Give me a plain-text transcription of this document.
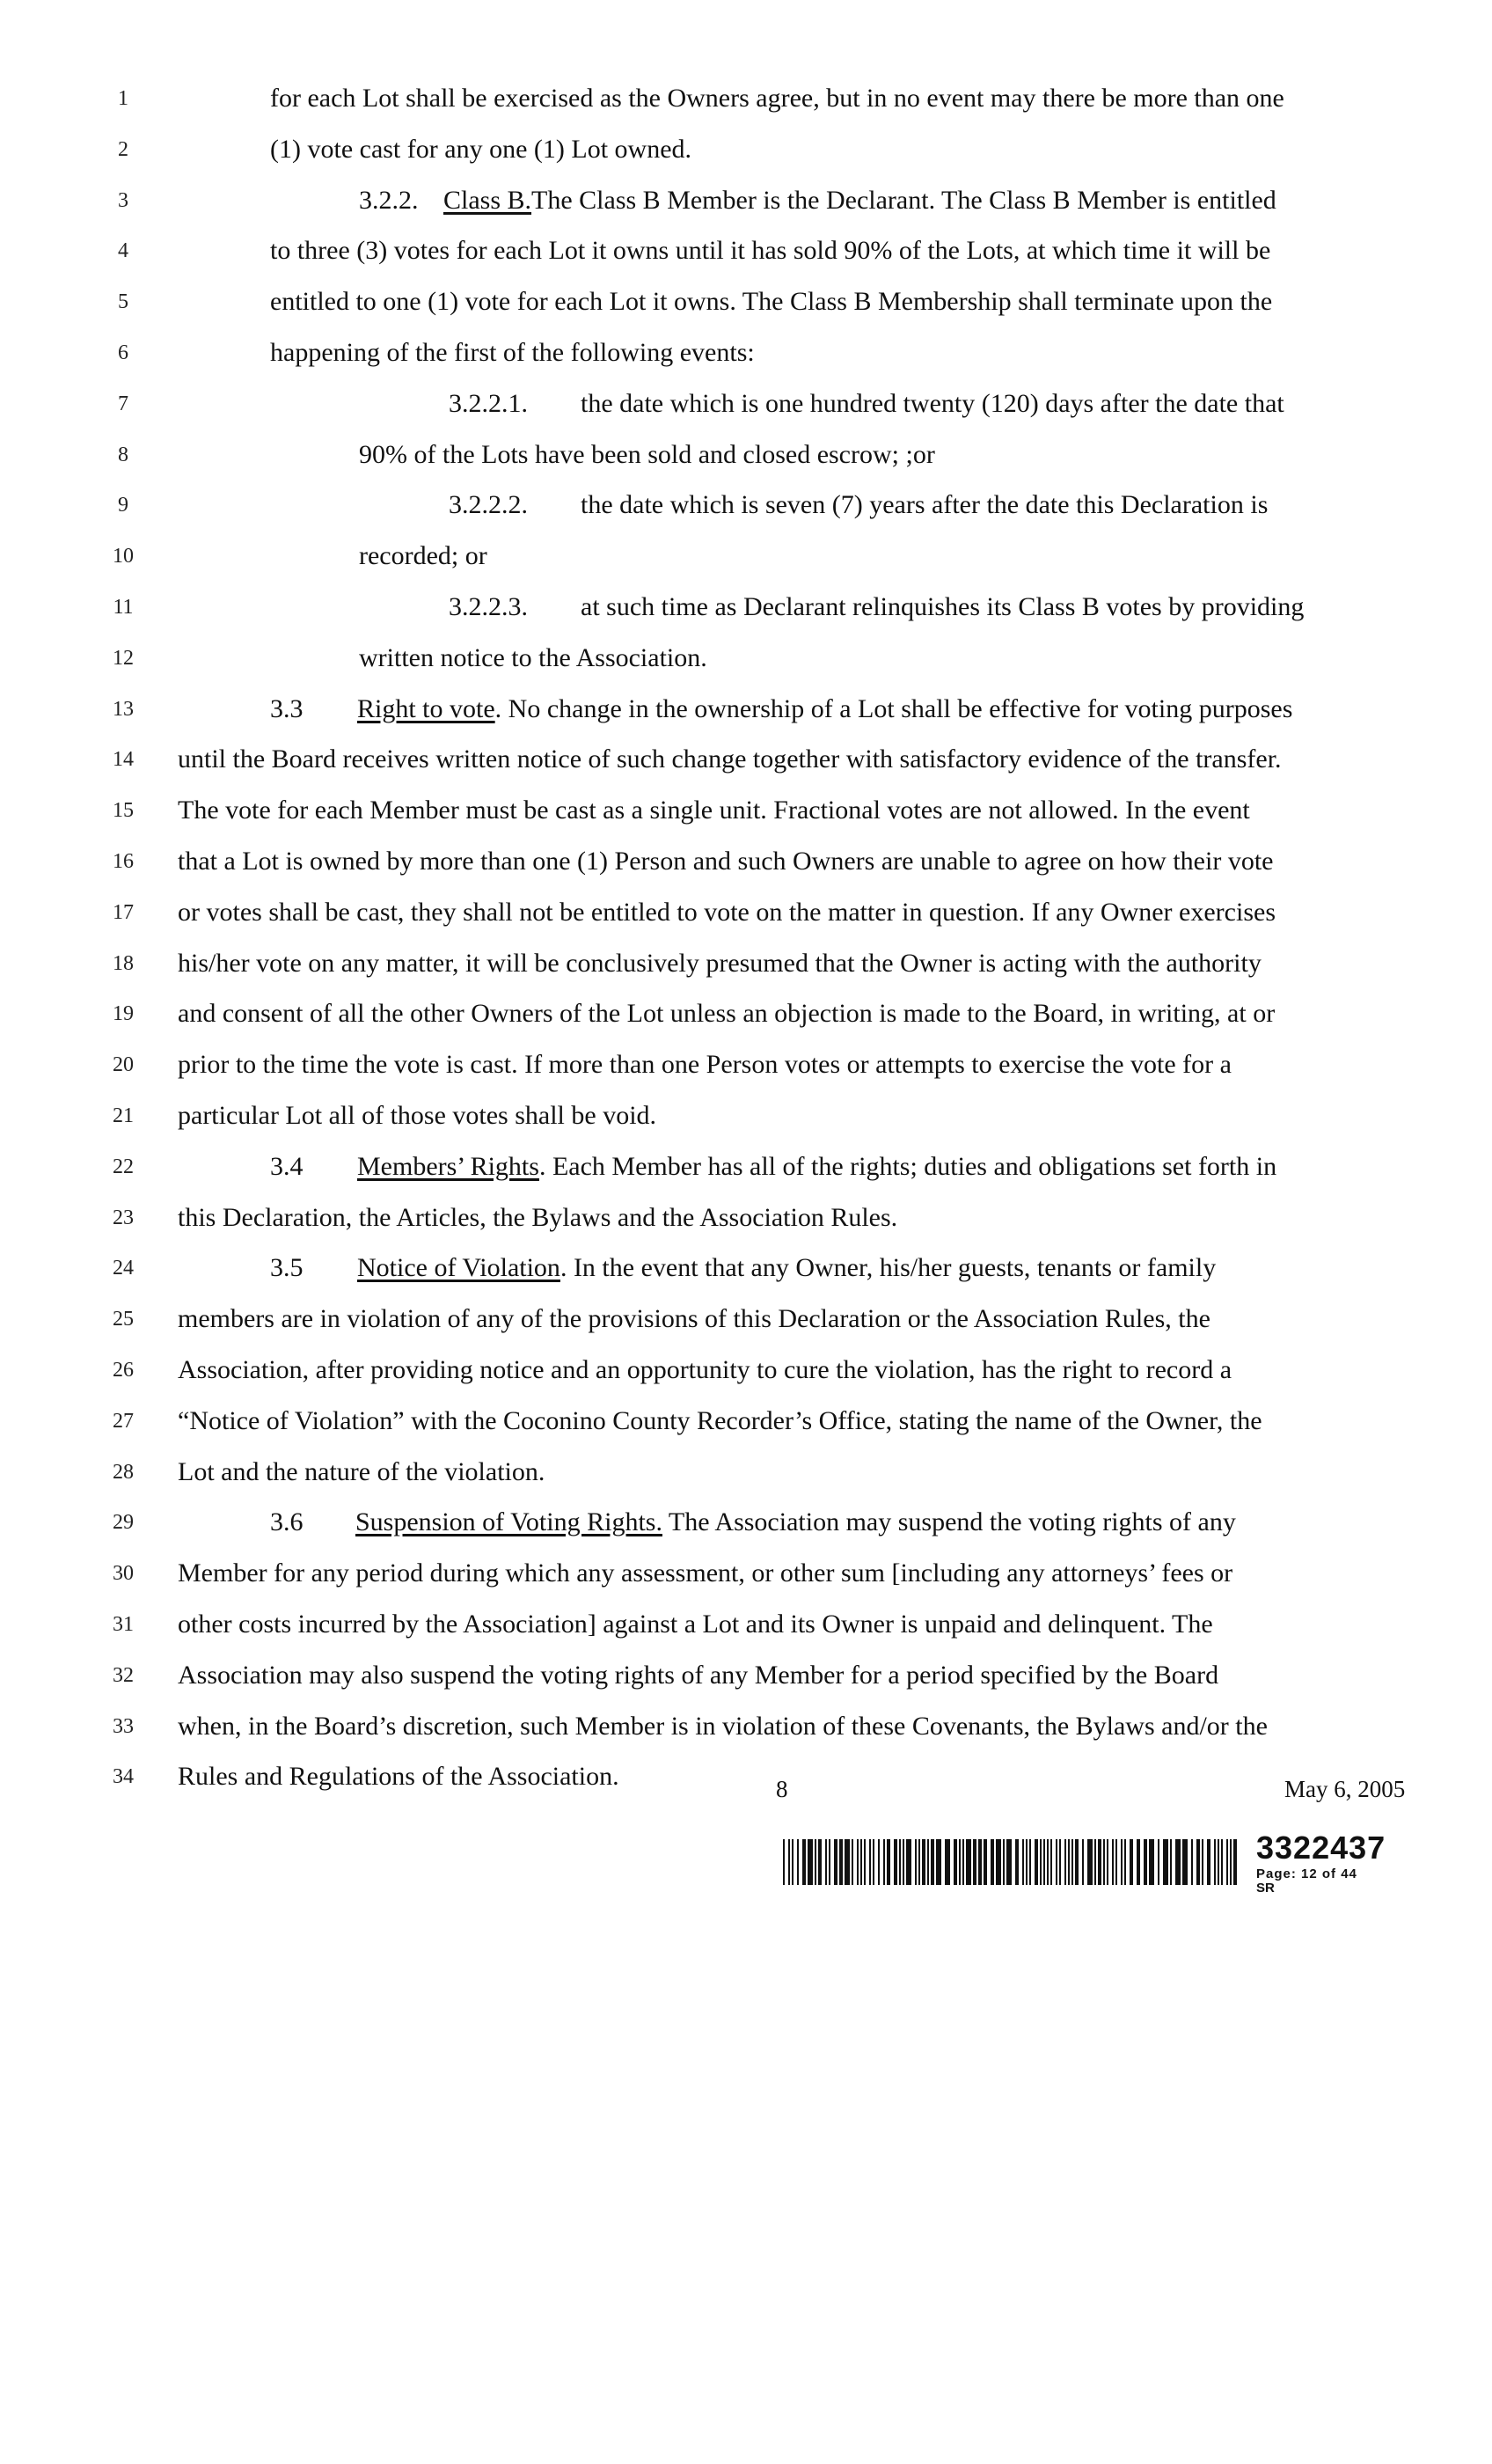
1
2
3
4
5
6
7
8
9
10
11
12
13
14
15
16
17
18
19
20
21
22
23
24
25
26
27
28
29
30
31
32
33
34
for each Lot shall be exercised as the Owners agree, but in no event may there be more than one
(1) vote cast for any one (1) Lot owned.
3.2.2. Class B.The Class B Member is the Declarant. The Class B Member is entitled
to three (3) votes for each Lot it owns until it has sold 90% of the Lots, at which time it will be
entitled to one (1) vote for each Lot it owns. The Class B Membership shall terminate upon the
happening of the first of the following events:
3.2.2.1. the date which is one hundred twenty (120) days after the date that
90% of the Lots have been sold and closed escrow; ;or
3.2.2.2. the date which is seven (7) years after the date this Declaration is
recorded; or
3.2.2.3. at such time as Declarant relinquishes its Class B votes by providing
written notice to the Association.
3.3 Right to vote. No change in the ownership of a Lot shall be effective for voting purposes
until the Board receives written notice of such change together with satisfactory evidence of the transfer.
The vote for each Member must be cast as a single unit. Fractional votes are not allowed. In the event
that a Lot is owned by more than one (1) Person and such Owners are unable to agree on how their vote
or votes shall be cast, they shall not be entitled to vote on the matter in question. If any Owner exercises
his/her vote on any matter, it will be conclusively presumed that the Owner is acting with the authority
and consent of all the other Owners of the Lot unless an objection is made to the Board, in writing, at or
prior to the time the vote is cast. If more than one Person votes or attempts to exercise the vote for a
particular Lot all of those votes shall be void.
3.4 Members’ Rights. Each Member has all of the rights; duties and obligations set forth in
this Declaration, the Articles, the Bylaws and the Association Rules.
3.5 Notice of Violation. In the event that any Owner, his/her guests, tenants or family
members are in violation of any of the provisions of this Declaration or the Association Rules, the
Association, after providing notice and an opportunity to cure the violation, has the right to record a
“Notice of Violation” with the Coconino County Recorder’s Office, stating the name of the Owner, the
Lot and the nature of the violation.
3.6 Suspension of Voting Rights. The Association may suspend the voting rights of any
Member for any period during which any assessment, or other sum [including any attorneys’ fees or
other costs incurred by the Association] against a Lot and its Owner is unpaid and delinquent. The
Association may also suspend the voting rights of any Member for a period specified by the Board
when, in the Board’s discretion, such Member is in violation of these Covenants, the Bylaws and/or the
Rules and Regulations of the Association.	8	May 6, 2005
3322437
Page: 12 of 44
SR
